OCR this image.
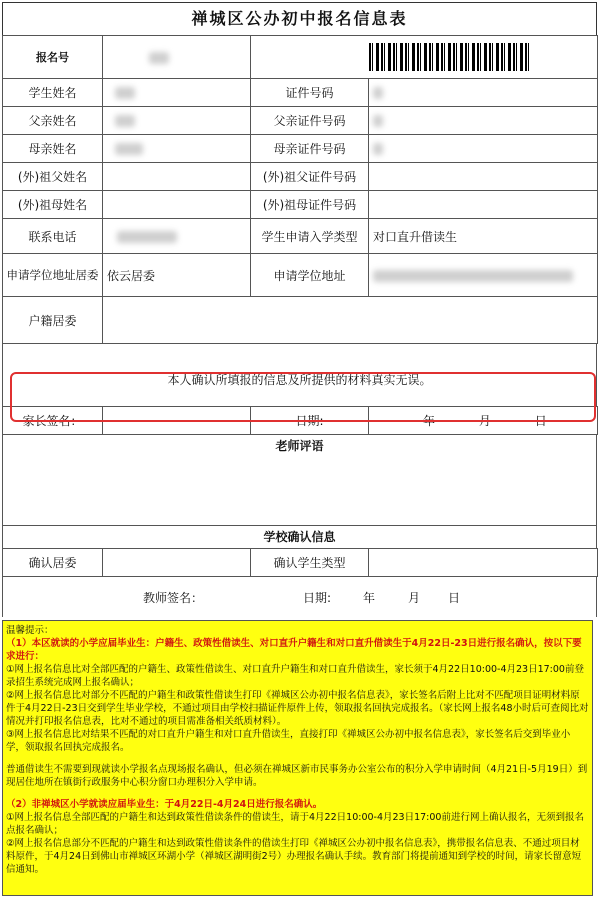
禅城区公办初中报名信息表
报名号			
学生姓名		证件号码	
父亲姓名		父亲证件号码	
母亲姓名		母亲证件号码	
(外)祖父姓名		(外)祖父证件号码	
(外)祖母姓名		(外)祖母证件号码	
联系电话		学生申请入学类型	对口直升借读生
申请学位地址居委	依云居委	申请学位地址	
户籍居委			
本人确认所填报的信息及所提供的材料真实无误。
家长签名：		日期:	年	月	日
老师评语
学校确认信息
确认居委		确认学生类型	
教师签名：	日期:	年	月 日

温馨提示：

（1）本区就读的小学应届毕业生：户籍生、政策性借读生、对口直升户籍生和对口直升借读生于4月22日-23日进行报名确认，按以下要求进行：

①网上报名信息比对全部匹配的户籍生、政策性借读生、对口直升户籍生和对口直升借读生，家长须于4月22日10:00-4月23日17:00前登录招生系统完成网上报名确认；

②网上报名信息比对部分不匹配的户籍生和政策性借读生打印《禅城区公办初中报名信息表》，家长签名后附上比对不匹配项目证明材料原件于4月22日-23日交到学生毕业学校，不通过项目由学校扫描证件原件上传，领取报名回执完成报名。（家长网上报名48小时后可查阅比对情况并打印报名信息表，比对不通过的项目需准备相关纸质材料）。

③网上报名信息比对结果不匹配的对口直升户籍生和对口直升借读生，直接打印《禅城区公办初中报名信息表》，家长签名后交到毕业小学，领取报名回执完成报名。

普通借读生不需要到现就读小学报名点现场报名确认，但必须在禅城区新市民事务办公室公布的积分入学申请时间（4月21日-5月19日）到现居住地所在镇街行政服务中心积分窗口办理积分入学申请。

（2）非禅城区小学就读应届毕业生：于4月22日-4月24日进行报名确认。

①网上报名信息全部匹配的户籍生和达到政策性借读条件的借读生，请于4月22日10:00-4月23日17:00前进行网上确认报名，无须到报名点报名确认；

②网上报名信息部分不匹配的户籍生和达到政策性借读条件的借读生打印《禅城区公办初中报名信息表》，携带报名信息表、不通过项目材料原件，于4月24日到佛山市禅城区环湖小学（禅城区湖明街2号）办理报名确认手续。教育部门将提前通知到学校的时间，请家长留意短信通知。
